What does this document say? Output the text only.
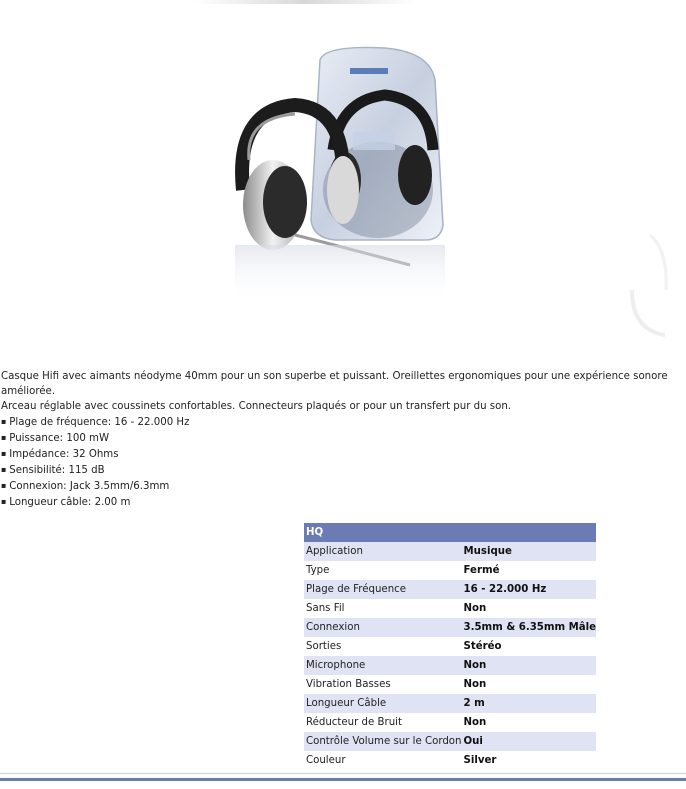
Casque Hifi avec aimants néodyme 40mm pour un son superbe et puissant. Oreillettes ergonomiques pour une expérience sonore améliorée.
Arceau réglable avec coussinets confortables. Connecteurs plaqués or pour un transfert pur du son.
▪ Plage de fréquence: 16 - 22.000 Hz
▪ Puissance: 100 mW
▪ Impédance: 32 Ohms
▪ Sensibilité: 115 dB
▪ Connexion: Jack 3.5mm/6.3mm
▪ Longueur câble: 2.00 m
HQ	
Application	Musique
Type	Fermé
Plage de Fréquence	16 - 22.000 Hz
Sans Fil	Non
Connexion	3.5mm & 6.35mm Mâle
Sorties	Stéréo
Microphone	Non
Vibration Basses	Non
Longueur Câble	2 m
Réducteur de Bruit	Non
Contrôle Volume sur le Cordon	Oui
Couleur	Silver
